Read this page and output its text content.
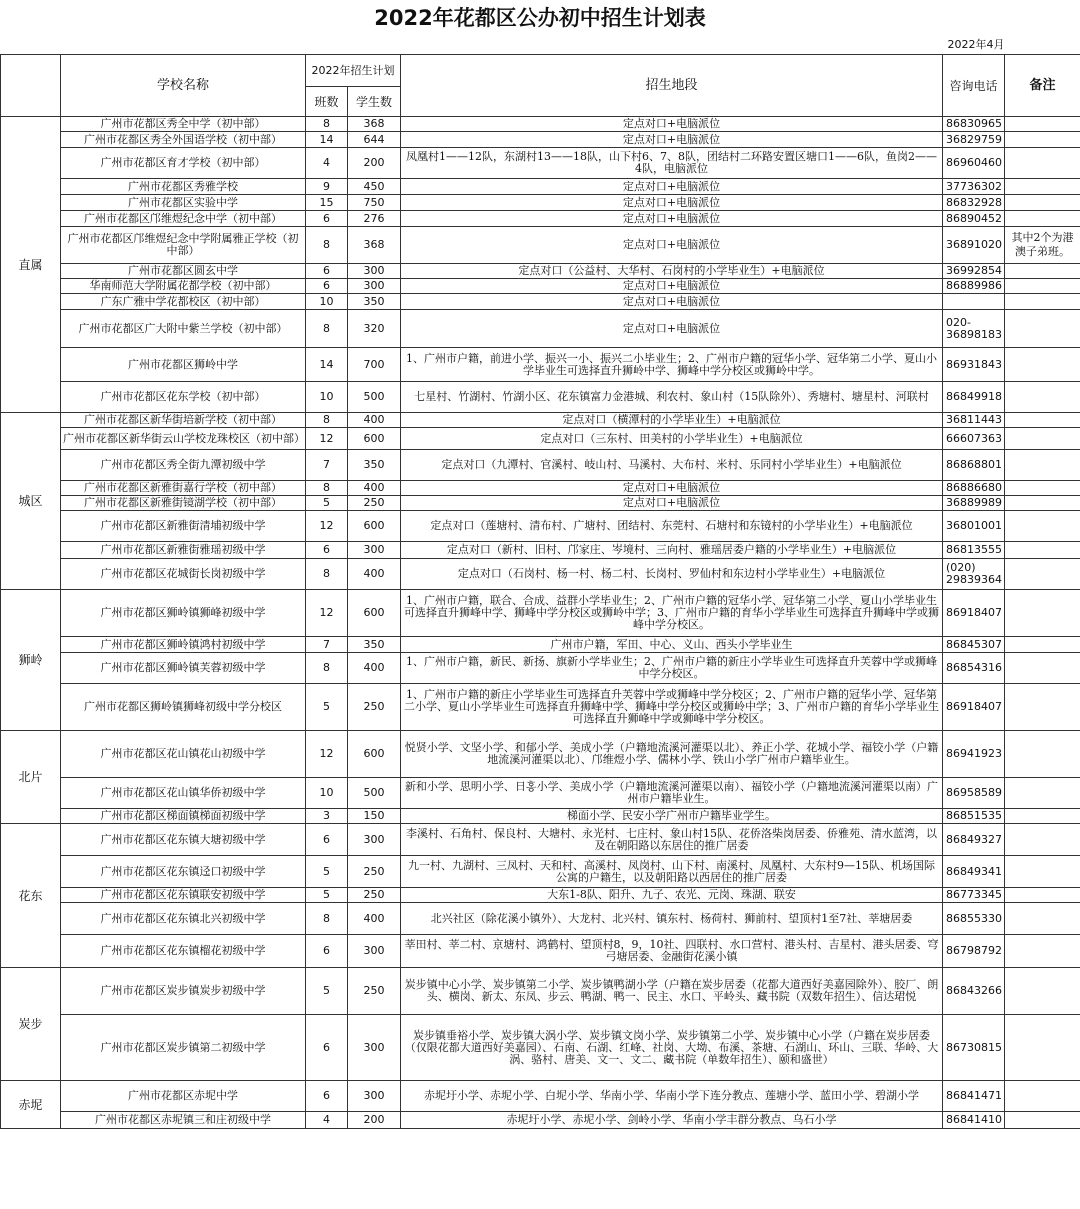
2022年花都区公办初中招生计划表
2022年4月
	学校名称	2022年招生计划		招生地段	咨询电话	备注
		班数	学生数			
直属	广州市花都区秀全中学（初中部）	8	368	定点对口+电脑派位	86830965	
	广州市花都区秀全外国语学校（初中部）	14	644	定点对口+电脑派位	36829759	
	广州市花都区育才学校（初中部）	4	200	凤凰村1——12队，东湖村13——18队，山下村6、7、8队，团结村二环路安置区塘口1——6队，鱼岗2——4队，电脑派位	86960460	
	广州市花都区秀雅学校	9	450	定点对口+电脑派位	37736302	
	广州市花都区实验中学	15	750	定点对口+电脑派位	86832928	
	广州市花都区邝维煜纪念中学（初中部）	6	276	定点对口+电脑派位	86890452	
	广州市花都区邝维煜纪念中学附属雅正学校（初中部）	8	368	定点对口+电脑派位	36891020	其中2个为港澳子弟班。
	广州市花都区圆玄中学	6	300	定点对口（公益村、大华村、石岗村的小学毕业生）+电脑派位	36992854	
	华南师范大学附属花都学校（初中部）	6	300	定点对口+电脑派位	86889986	
	广东广雅中学花都校区（初中部）	10	350	定点对口+电脑派位		
	广州市花都区广大附中紫兰学校（初中部）	8	320	定点对口+电脑派位	020-36898183	
	广州市花都区狮岭中学	14	700	1、广州市户籍，前进小学、振兴一小、振兴二小毕业生；2、广州市户籍的冠华小学、冠华第二小学、夏山小学毕业生可选择直升狮岭中学、狮峰中学分校区或狮岭中学。	86931843	
	广州市花都区花东学校（初中部）	10	500	七星村、竹湖村、竹湖小区、花东镇富力金港城、利农村、象山村（15队除外）、秀塘村、塘星村、河联村	86849918	
城区	广州市花都区新华街培新学校（初中部）	8	400	定点对口（横潭村的小学毕业生）+电脑派位	36811443	
	广州市花都区新华街云山学校龙珠校区（初中部）	12	600	定点对口（三东村、田美村的小学毕业生）+电脑派位	66607363	
	广州市花都区秀全街九潭初级中学	7	350	定点对口（九潭村、官溪村、岐山村、马溪村、大布村、米村、乐同村小学毕业生）+电脑派位	86868801	
	广州市花都区新雅街嘉行学校（初中部）	8	400	定点对口+电脑派位	86886680	
	广州市花都区新雅街镜湖学校（初中部）	5	250	定点对口+电脑派位	36889989	
	广州市花都区新雅街清埔初级中学	12	600	定点对口（莲塘村、清布村、广塘村、团结村、东莞村、石塘村和东镜村的小学毕业生）+电脑派位	36801001	
	广州市花都区新雅街雅瑶初级中学	6	300	定点对口（新村、旧村、邝家庄、岑境村、三向村、雅瑶居委户籍的小学毕业生）+电脑派位	86813555	
	广州市花都区花城街长岗初级中学	8	400	定点对口（石岗村、杨一村、杨二村、长岗村、罗仙村和东边村小学毕业生）+电脑派位	(020) 29839364	
狮岭	广州市花都区狮岭镇狮峰初级中学	12	600	1、广州市户籍，联合、合成、益群小学毕业生；2、广州市户籍的冠华小学、冠华第二小学、夏山小学毕业生可选择直升狮峰中学、狮峰中学分校区或狮岭中学；3、广州市户籍的育华小学毕业生可选择直升狮峰中学或狮峰中学分校区。	86918407	
	广州市花都区狮岭镇鸿村初级中学	7	350	广州市户籍，军田、中心、义山、西头小学毕业生	86845307	
	广州市花都区狮岭镇芙蓉初级中学	8	400	1、广州市户籍，新民、新扬、旗新小学毕业生；2、广州市户籍的新庄小学毕业生可选择直升芙蓉中学或狮峰中学分校区。	86854316	
	广州市花都区狮岭镇狮峰初级中学分校区	5	250	1、广州市户籍的新庄小学毕业生可选择直升芙蓉中学或狮峰中学分校区；2、广州市户籍的冠华小学、冠华第二小学、夏山小学毕业生可选择直升狮峰中学、狮峰中学分校区或狮岭中学；3、广州市户籍的育华小学毕业生可选择直升狮峰中学或狮峰中学分校区。	86918407	
北片	广州市花都区花山镇花山初级中学	12	600	悦贤小学、文坚小学、和郁小学、美成小学（户籍地流溪河灌渠以北）、养正小学、花城小学、福铰小学（户籍地流溪河灌渠以北）、邝维煜小学、儒林小学、铁山小学广州市户籍毕业生。	86941923	
	广州市花都区花山镇华侨初级中学	10	500	新和小学、思明小学、日홍小学、美成小学（户籍地流溪河灌渠以南）、福铰小学（户籍地流溪河灌渠以南）广州市户籍毕业生。	86958589	
	广州市花都区梯面镇梯面初级中学	3	150	梯面小学、民安小学广州市户籍毕业学生。	86851535	
花东	广州市花都区花东镇大塘初级中学	6	300	李溪村、石角村、保良村、大塘村、永光村、七庄村、象山村15队、花侨洛柴岗居委、侨雅苑、清水蓝湾，以及在朝阳路以东居住的推广居委	86849327	
	广州市花都区花东镇迳口初级中学	5	250	九一村、九湖村、三凤村、天和村、高溪村、凤岗村、山下村、南溪村、凤凰村、大东村9—15队、机场国际公寓的户籍生，以及朝阳路以西居住的推广居委	86849341	
	广州市花都区花东镇联安初级中学	5	250	大东1-8队、阳升、九子、农光、元岗、珠湖、联安	86773345	
	广州市花都区花东镇北兴初级中学	8	400	北兴社区（除花溪小镇外）、大龙村、北兴村、镇东村、杨荷村、狮前村、望顶村1至7社、莘塘居委	86855330	
	广州市花都区花东镇榴花初级中学	6	300	莘田村、莘二村、京塘村、鸿鹤村、望顶村8，9，10社、四联村、水口营村、港头村、吉星村、港头居委、穹弓塘居委、金融街花溪小镇	86798792	
炭步	广州市花都区炭步镇炭步初级中学	5	250	炭步镇中心小学、炭步镇第二小学、炭步镇鸭湖小学（户籍在炭步居委（花都大道西好美嘉园除外）、胶厂、朗头、横岗、新太、东凤、步云、鸭湖、鸭一、民主、水口、平岭头、藏书院（双数年招生）、信达珺悦	86843266	
	广州市花都区炭步镇第二初级中学	6	300	炭步镇垂裕小学、炭步镇大涡小学、炭步镇文岗小学、炭步镇第二小学、炭步镇中心小学（户籍在炭步居委（仅限花都大道西好美嘉园）、石南、石湖、红峰、社岗、大坳、布溪、茶塘、石湖山、环山、三联、华岭、大涡、骆村、唐美、文一、文二、藏书院（单数年招生）、颐和盛世）	86730815	
赤坭	广州市花都区赤坭中学	6	300	赤坭圩小学、赤坭小学、白坭小学、华南小学、华南小学下连分教点、莲塘小学、蓝田小学、碧湖小学	86841471	
	广州市花都区赤坭镇三和庄初级中学	4	200	赤坭圩小学、赤坭小学、剑岭小学、华南小学丰群分教点、乌石小学	86841410	
